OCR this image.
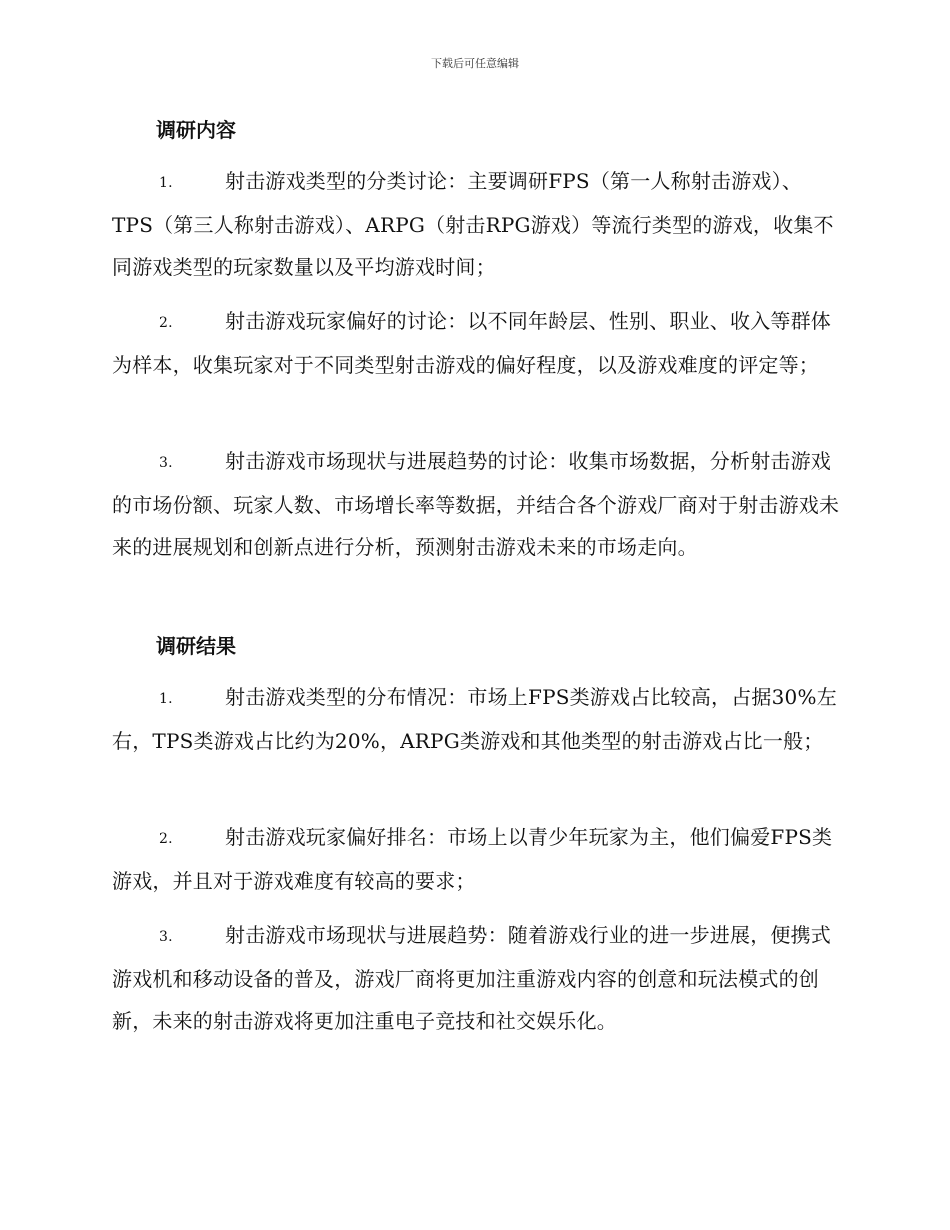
下载后可任意编辑
调研内容
1.	射击游戏类型的分类讨论：主要调研FPS（第一人称射击游戏）、TPS（第三人称射击游戏）、ARPG（射击RPG游戏）等流行类型的游戏，收集不同游戏类型的玩家数量以及平均游戏时间；
2.	射击游戏玩家偏好的讨论：以不同年龄层、性别、职业、收入等群体为样本，收集玩家对于不同类型射击游戏的偏好程度，以及游戏难度的评定等；
3.	射击游戏市场现状与进展趋势的讨论：收集市场数据，分析射击游戏的市场份额、玩家人数、市场增长率等数据，并结合各个游戏厂商对于射击游戏未来的进展规划和创新点进行分析，预测射击游戏未来的市场走向。
调研结果
1.	射击游戏类型的分布情况：市场上FPS类游戏占比较高，占据30%左右，TPS类游戏占比约为20%，ARPG类游戏和其他类型的射击游戏占比一般；
2.	射击游戏玩家偏好排名：市场上以青少年玩家为主，他们偏爱FPS类游戏，并且对于游戏难度有较高的要求；
3.	射击游戏市场现状与进展趋势：随着游戏行业的进一步进展，便携式游戏机和移动设备的普及，游戏厂商将更加注重游戏内容的创意和玩法模式的创新，未来的射击游戏将更加注重电子竞技和社交娱乐化。
